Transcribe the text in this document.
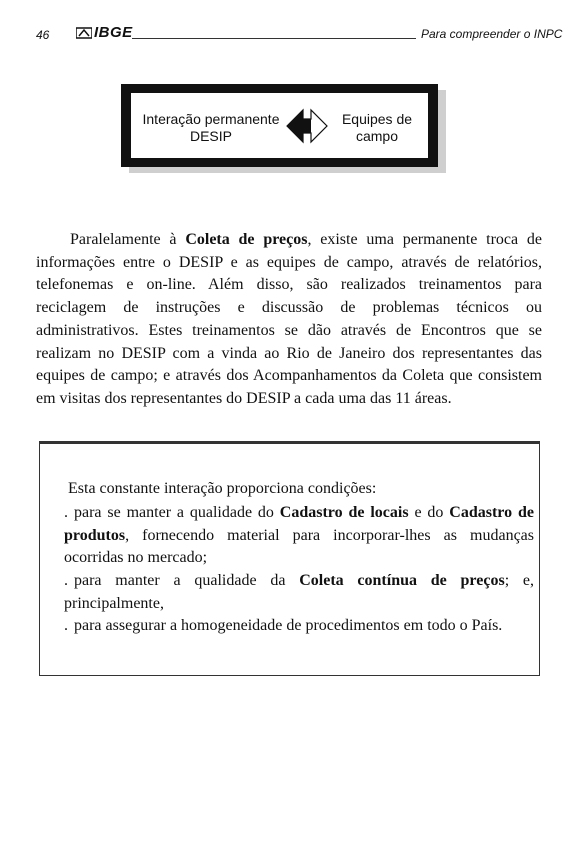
46	IBGE	Para compreender o INPC
Interação permanente DESIP
Equipes de campo
Paralelamente à Coleta de preços, existe uma permanente troca de informações entre o DESIP e as equipes de campo, através de relatórios, telefonemas e on-line. Além disso, são realizados treinamentos para reciclagem de instruções e discussão de problemas técnicos ou administrativos. Estes treinamentos se dão através de Encontros que se realizam no DESIP com a vinda ao Rio de Janeiro dos representantes das equipes de campo; e através dos Acompanhamentos da Coleta que consistem em visitas dos representantes do DESIP a cada uma das 11 áreas.
Esta constante interação proporciona condições:
. para se manter a qualidade do Cadastro de locais e do Cadastro de produtos, fornecendo material para incorporar-lhes as mudanças ocorridas no mercado;
. para manter a qualidade da Coleta contínua de preços; e, principalmente,
. para assegurar a homogeneidade de procedimentos em todo o País.
